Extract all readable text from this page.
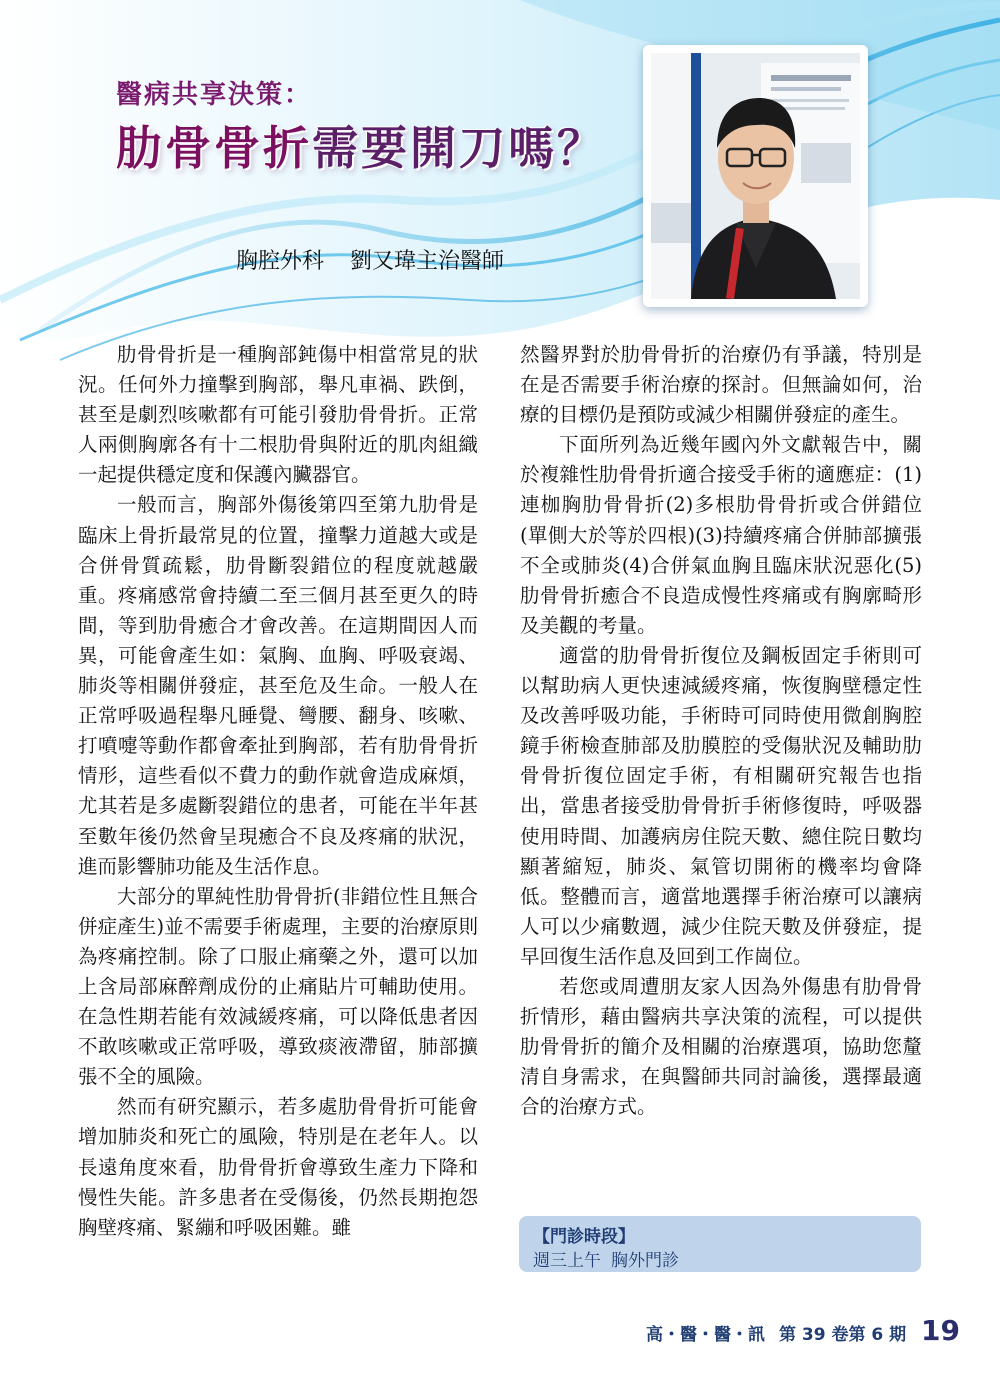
醫病共享決策：
肋骨骨折需要開刀嗎？
胸腔外科 劉又瑋主治醫師

肋骨骨折是一種胸部鈍傷中相當常見的狀況。任何外力撞擊到胸部，舉凡車禍、跌倒，甚至是劇烈咳嗽都有可能引發肋骨骨折。正常人兩側胸廓各有十二根肋骨與附近的肌肉組織一起提供穩定度和保護內臟器官。

一般而言，胸部外傷後第四至第九肋骨是臨床上骨折最常見的位置，撞擊力道越大或是合併骨質疏鬆，肋骨斷裂錯位的程度就越嚴重。疼痛感常會持續二至三個月甚至更久的時間，等到肋骨癒合才會改善。在這期間因人而異，可能會產生如：氣胸、血胸、呼吸衰竭、肺炎等相關併發症，甚至危及生命。一般人在正常呼吸過程舉凡睡覺、彎腰、翻身、咳嗽、打噴嚏等動作都會牽扯到胸部，若有肋骨骨折情形，這些看似不費力的動作就會造成麻煩，尤其若是多處斷裂錯位的患者，可能在半年甚至數年後仍然會呈現癒合不良及疼痛的狀況，進而影響肺功能及生活作息。

大部分的單純性肋骨骨折(非錯位性且無合併症產生)並不需要手術處理，主要的治療原則為疼痛控制。除了口服止痛藥之外，還可以加上含局部麻醉劑成份的止痛貼片可輔助使用。在急性期若能有效減緩疼痛，可以降低患者因不敢咳嗽或正常呼吸，導致痰液滯留，肺部擴張不全的風險。

然而有研究顯示，若多處肋骨骨折可能會增加肺炎和死亡的風險，特別是在老年人。以長遠角度來看，肋骨骨折會導致生產力下降和慢性失能。許多患者在受傷後，仍然長期抱怨胸壁疼痛、緊繃和呼吸困難。雖

然醫界對於肋骨骨折的治療仍有爭議，特別是在是否需要手術治療的探討。但無論如何，治療的目標仍是預防或減少相關併發症的產生。

下面所列為近幾年國內外文獻報告中，關於複雜性肋骨骨折適合接受手術的適應症：(1)連枷胸肋骨骨折(2)多根肋骨骨折或合併錯位(單側大於等於四根)(3)持續疼痛合併肺部擴張不全或肺炎(4)合併氣血胸且臨床狀況惡化(5)肋骨骨折癒合不良造成慢性疼痛或有胸廓畸形及美觀的考量。

適當的肋骨骨折復位及鋼板固定手術則可以幫助病人更快速減緩疼痛，恢復胸壁穩定性及改善呼吸功能，手術時可同時使用微創胸腔鏡手術檢查肺部及肋膜腔的受傷狀況及輔助肋骨骨折復位固定手術，有相關研究報告也指出，當患者接受肋骨骨折手術修復時，呼吸器使用時間、加護病房住院天數、總住院日數均顯著縮短，肺炎、氣管切開術的機率均會降低。整體而言，適當地選擇手術治療可以讓病人可以少痛數週，減少住院天數及併發症，提早回復生活作息及回到工作崗位。

若您或周遭朋友家人因為外傷患有肋骨骨折情形，藉由醫病共享決策的流程，可以提供肋骨骨折的簡介及相關的治療選項，協助您釐清自身需求，在與醫師共同討論後，選擇最適合的治療方式。

【門診時段】
週三上午 胸外門診
高・醫・醫・訊 第 39 卷第 6 期 19
